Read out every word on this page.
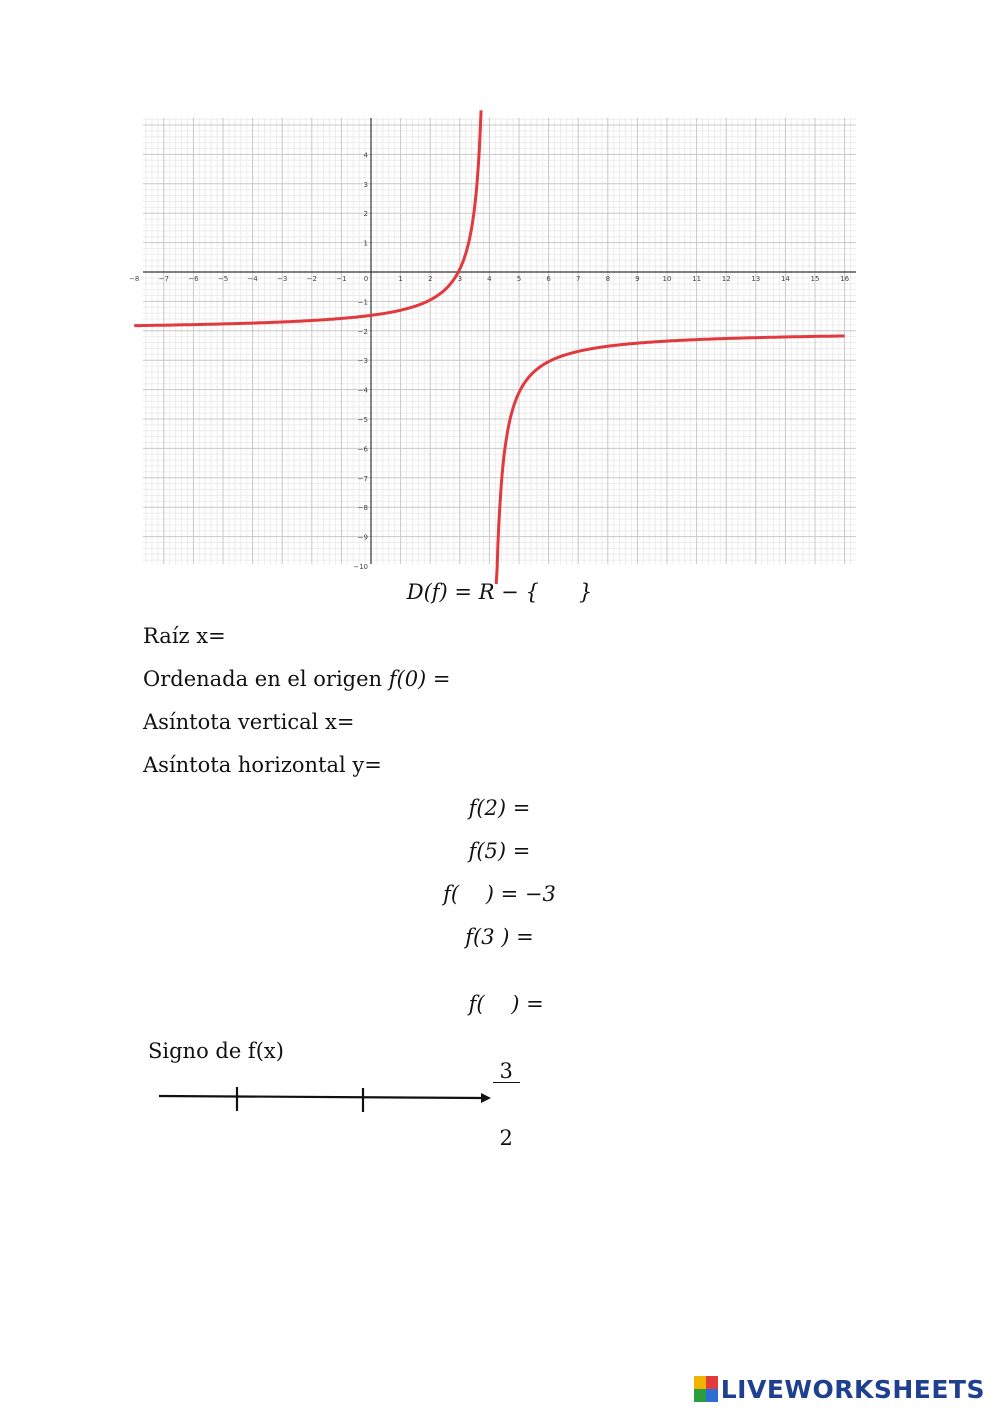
−8	−7	−6	−5	−4	−3	−2	−1 0	1	2	3	4	5	6	7	8	9	10	11	12	13	14	15	16
1
2
3
4
−1
−2
−3
−4
−5
−6
−7
−8
−9
−10
D(f) = R − {      }
Raíz x=
Ordenada en el origen f(0) =
Asíntota vertical x=
Asíntota horizontal y=
f(2) =
f(5) =
f(    ) = −3
f(3 ) =

f(    ) =

$\frac{3}{2}$

Signo de f(x)
LIVEWORKSHEETS
